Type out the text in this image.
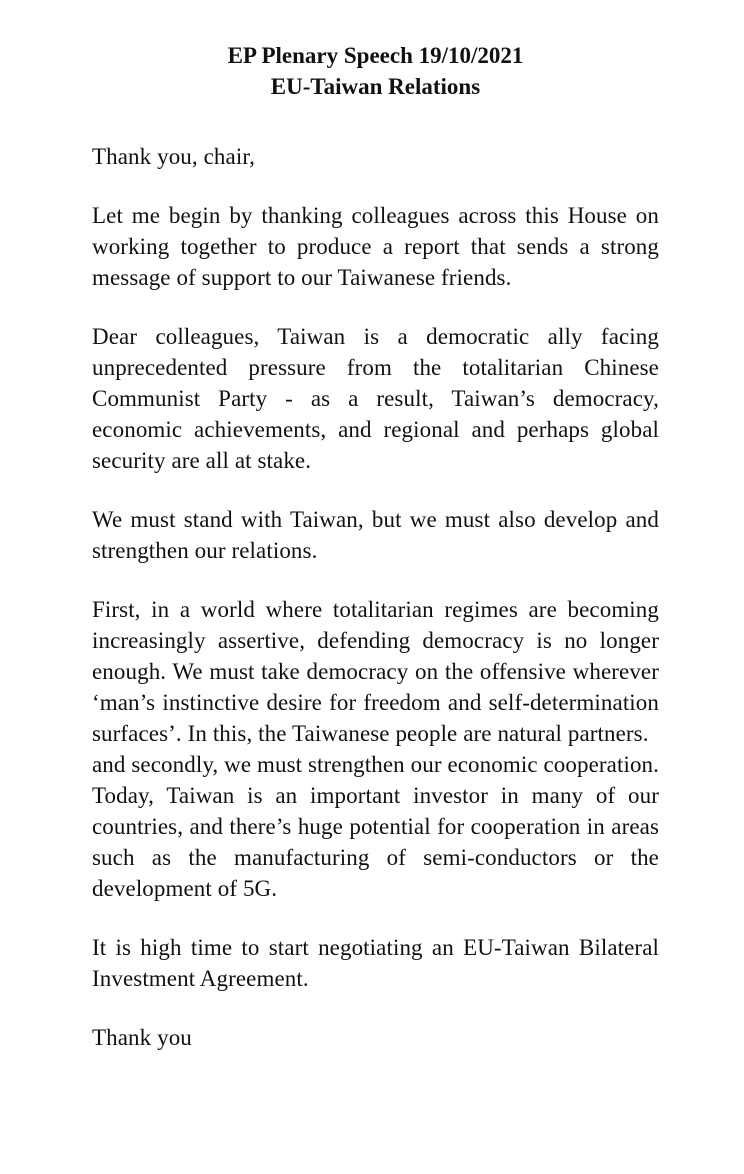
EP Plenary Speech 19/10/2021
EU-Taiwan Relations

Thank you, chair,

Let me begin by thanking colleagues across this House on working together to produce a report that sends a strong message of support to our Taiwanese friends.

Dear colleagues, Taiwan is a democratic ally facing unprecedented pressure from the totalitarian Chinese Communist Party - as a result, Taiwan’s democracy, economic achievements, and regional and perhaps global security are all at stake.

We must stand with Taiwan, but we must also develop and strengthen our relations.

First, in a world where totalitarian regimes are becoming increasingly assertive, defending democracy is no longer enough. We must take democracy on the offensive wherever ‘man’s instinctive desire for freedom and self-determination surfaces’. In this, the Taiwanese people are natural partners.

and secondly, we must strengthen our economic cooperation. Today, Taiwan is an important investor in many of our countries, and there’s huge potential for cooperation in areas such as the manufacturing of semi-conductors or the development of 5G.

It is high time to start negotiating an EU-Taiwan Bilateral Investment Agreement.

Thank you
